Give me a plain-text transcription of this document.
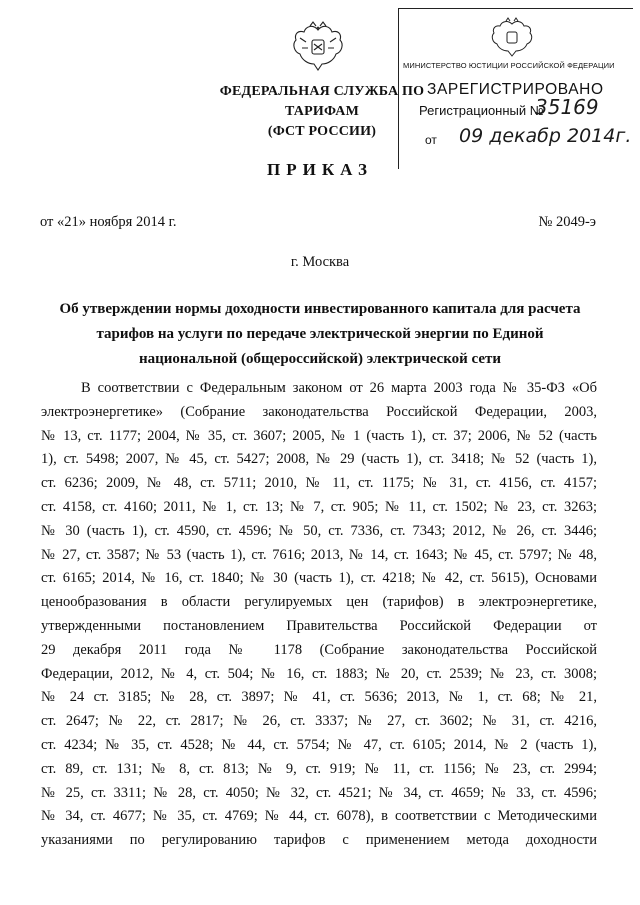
ФЕДЕРАЛЬНАЯ СЛУЖБА ПО ТАРИФАМ
(ФСТ РОССИИ)
МИНИСТЕРСТВО ЮСТИЦИИ РОССИЙСКОЙ ФЕДЕРАЦИИ
ЗАРЕГИСТРИРОВАНО
Регистрационный №
35169
от 09 декабр 2014г.
ПРИКАЗ
от «21» ноября 2014 г.	№ 2049-э
г. Москва
Об утверждении нормы доходности инвестированного капитала для расчета
тарифов на услуги по передаче электрической энергии по Единой
национальной (общероссийской) электрической сети
В соответствии с Федеральным законом от 26 марта 2003 года № 35-ФЗ «Об
электроэнергетике» (Собрание законодательства Российской Федерации, 2003,
№ 13, ст. 1177; 2004, № 35, ст. 3607; 2005, № 1 (часть 1), ст. 37; 2006, № 52 (часть
1), ст. 5498; 2007, № 45, ст. 5427; 2008, № 29 (часть 1), ст. 3418; № 52 (часть 1),
ст. 6236; 2009, № 48, ст. 5711; 2010, № 11, ст. 1175; № 31, ст. 4156, ст. 4157;
ст. 4158, ст. 4160; 2011, № 1, ст. 13; № 7, ст. 905; № 11, ст. 1502; № 23, ст. 3263;
№ 30 (часть 1), ст. 4590, ст. 4596; № 50, ст. 7336, ст. 7343; 2012, № 26, ст. 3446;
№ 27, ст. 3587; № 53 (часть 1), ст. 7616; 2013, № 14, ст. 1643; № 45, ст. 5797; № 48,
ст. 6165; 2014, № 16, ст. 1840; № 30 (часть 1), ст. 4218; № 42, ст. 5615), Основами
ценообразования в области регулируемых цен (тарифов) в электроэнергетике,
утвержденными постановлением Правительства Российской Федерации от
29 декабря 2011 года № 1178 (Собрание законодательства Российской
Федерации, 2012, № 4, ст. 504; № 16, ст. 1883; № 20, ст. 2539; № 23, ст. 3008;
№ 24 ст. 3185; № 28, ст. 3897; № 41, ст. 5636; 2013, № 1, ст. 68; № 21,
ст. 2647; № 22, ст. 2817; № 26, ст. 3337; № 27, ст. 3602; № 31, ст. 4216,
ст. 4234; № 35, ст. 4528; № 44, ст. 5754; № 47, ст. 6105; 2014, № 2 (часть 1),
ст. 89, ст. 131; № 8, ст. 813; № 9, ст. 919; № 11, ст. 1156; № 23, ст. 2994;
№ 25, ст. 3311; № 28, ст. 4050; № 32, ст. 4521; № 34, ст. 4659; № 33, ст. 4596;
№ 34, ст. 4677; № 35, ст. 4769; № 44, ст. 6078), в соответствии с Методическими
указаниями по регулированию тарифов с применением метода доходности
